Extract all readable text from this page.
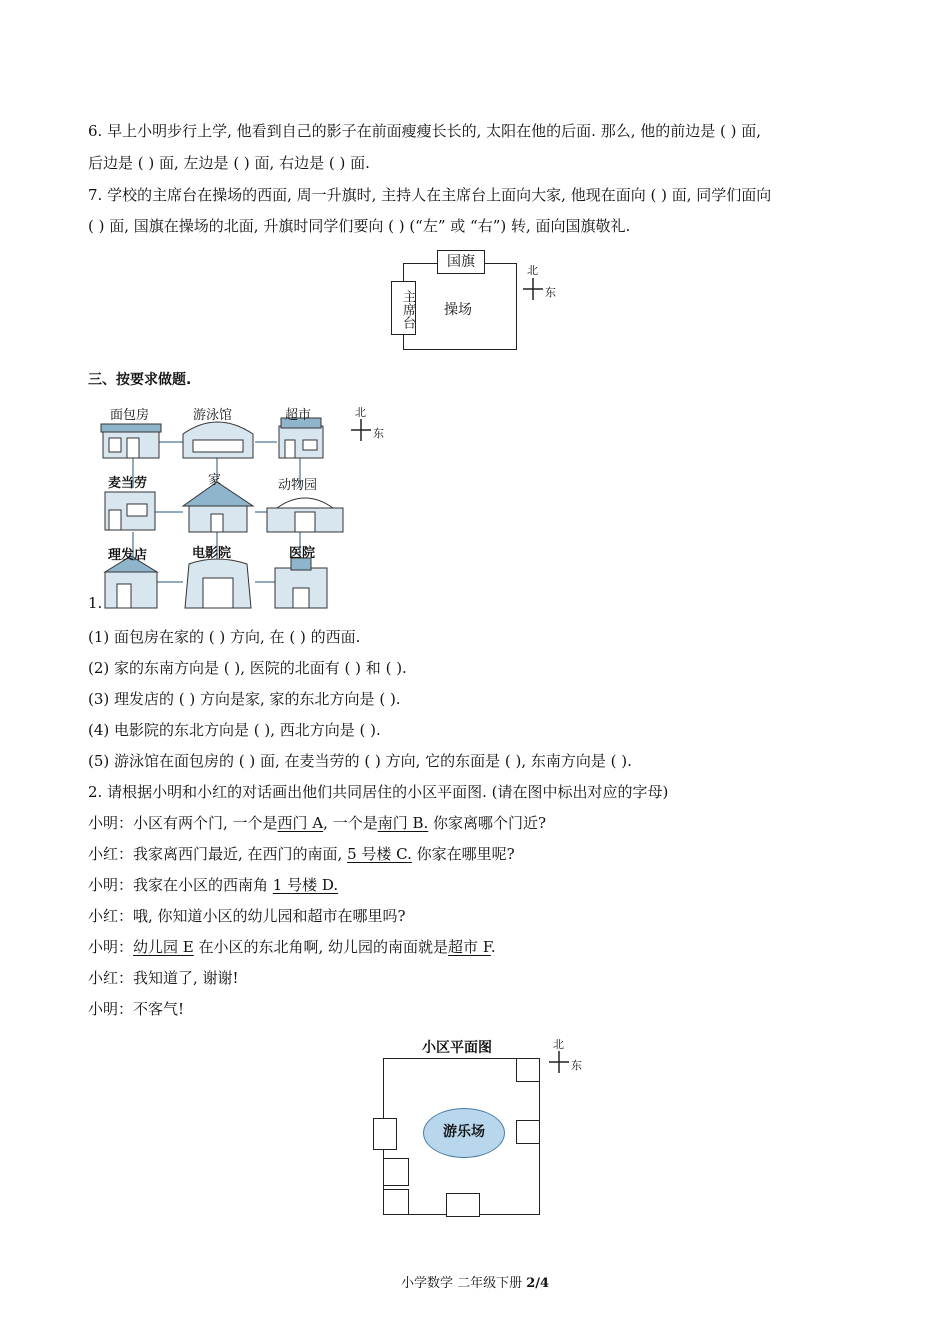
6. 早上小明步行上学, 他看到自己的影子在前面瘦瘦长长的, 太阳在他的后面. 那么, 他的前边是 ( ) 面,
后边是 ( ) 面, 左边是 ( ) 面, 右边是 ( ) 面.
7. 学校的主席台在操场的西面, 周一升旗时, 主持人在主席台上面向大家, 他现在面向 ( ) 面, 同学们面向
( ) 面, 国旗在操场的北面, 升旗时同学们要向 ( ) (“左” 或 “右”) 转, 面向国旗敬礼.
国旗
主席台 操场
北
东
三、按要求做题.
面包房	游泳馆	超市
麦当劳	家	动物园
理发店	电影院	医院
北
东
1.
(1) 面包房在家的 ( ) 方向, 在 ( ) 的西面.
(2) 家的东南方向是 ( ), 医院的北面有 ( ) 和 ( ).
(3) 理发店的 ( ) 方向是家, 家的东北方向是 ( ).
(4) 电影院的东北方向是 ( ), 西北方向是 ( ).
(5) 游泳馆在面包房的 ( ) 面, 在麦当劳的 ( ) 方向, 它的东面是 ( ), 东南方向是 ( ).
2. 请根据小明和小红的对话画出他们共同居住的小区平面图. (请在图中标出对应的字母)
小明：小区有两个门, 一个是西门 A, 一个是南门 B. 你家离哪个门近?
小红：我家离西门最近, 在西门的南面, 5 号楼 C. 你家在哪里呢?
小明：我家在小区的西南角 1 号楼 D.
小红：哦, 你知道小区的幼儿园和超市在哪里吗?
小明：幼儿园 E 在小区的东北角啊, 幼儿园的南面就是超市 F.
小红：我知道了, 谢谢!
小明：不客气!
小区平面图
游乐场
北
东
小学数学 二年级下册 2/4
